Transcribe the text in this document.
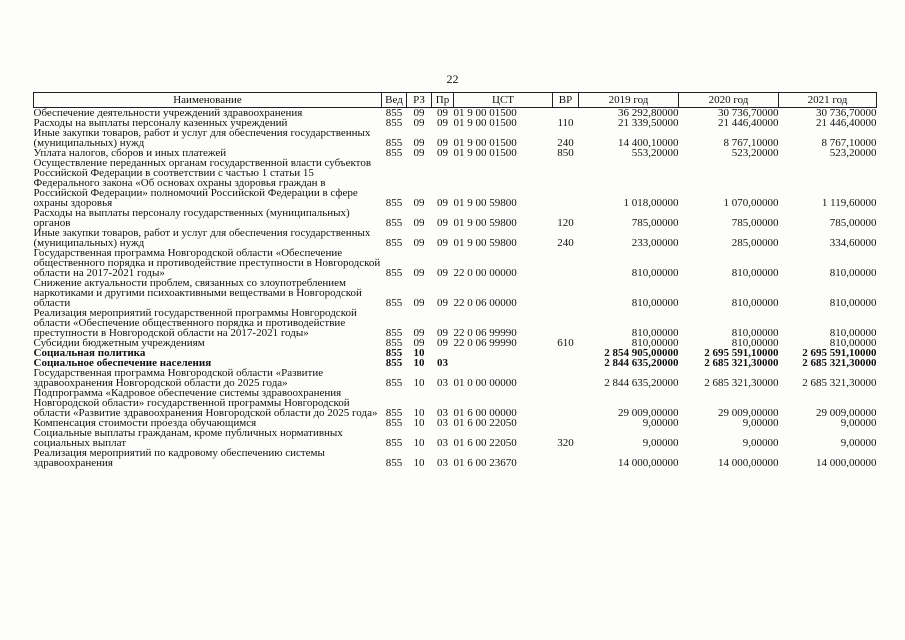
22
Наименование	Вед	РЗ	Пр	ЦСТ	ВР	2019 год	2020 год	2021 год
Обеспечение деятельности учреждений здравоохранения	855	09	09	01 9 00 01500		36 292,80000	30 736,70000	30 736,70000
Расходы на выплаты персоналу казенных учреждений	855	09	09	01 9 00 01500	110	21 339,50000	21 446,40000	21 446,40000
Иные закупки товаров, работ и услуг для обеспечения государственных (муниципальных) нужд	855	09	09	01 9 00 01500	240	14 400,10000	8 767,10000	8 767,10000
Уплата налогов, сборов и иных платежей	855	09	09	01 9 00 01500	850	553,20000	523,20000	523,20000
Осуществление переданных органам государственной власти субъектов Российской Федерации в соответствии с частью 1 статьи 15 Федерального закона «Об основах охраны здоровья граждан в Российской Федерации» полномочий Российской Федерации в сфере охраны здоровья	855	09	09	01 9 00 59800		1 018,00000	1 070,00000	1 119,60000
Расходы на выплаты персоналу государственных (муниципальных) органов	855	09	09	01 9 00 59800	120	785,00000	785,00000	785,00000
Иные закупки товаров, работ и услуг для обеспечения государственных (муниципальных) нужд	855	09	09	01 9 00 59800	240	233,00000	285,00000	334,60000
Государственная программа Новгородской области «Обеспечение общественного порядка и противодействие преступности в Новгородской области на 2017-2021 годы»	855	09	09	22 0 00 00000		810,00000	810,00000	810,00000
Снижение актуальности проблем, связанных со злоупотреблением наркотиками и другими психоактивными веществами в Новгородской области	855	09	09	22 0 06 00000		810,00000	810,00000	810,00000
Реализация мероприятий государственной программы Новгородской области «Обеспечение общественного порядка и противодействие преступности в Новгородской области на 2017-2021 годы»	855	09	09	22 0 06 99990		810,00000	810,00000	810,00000
Субсидии бюджетным учреждениям	855	09	09	22 0 06 99990	610	810,00000	810,00000	810,00000
Социальная политика	855	10				2 854 905,00000	2 695 591,10000	2 695 591,10000
Социальное обеспечение населения	855	10	03			2 844 635,20000	2 685 321,30000	2 685 321,30000
Государственная программа Новгородской области «Развитие здравоохранения Новгородской области до 2025 года»	855	10	03	01 0 00 00000		2 844 635,20000	2 685 321,30000	2 685 321,30000
Подпрограмма «Кадровое обеспечение системы здравоохранения Новгородской области» государственной программы Новгородской области «Развитие здравоохранения Новгородской области до 2025 года»	855	10	03	01 6 00 00000		29 009,00000	29 009,00000	29 009,00000
Компенсация стоимости проезда обучающимся	855	10	03	01 6 00 22050		9,00000	9,00000	9,00000
Социальные выплаты гражданам, кроме публичных нормативных социальных выплат	855	10	03	01 6 00 22050	320	9,00000	9,00000	9,00000
Реализация мероприятий по кадровому обеспечению системы здравоохранения	855	10	03	01 6 00 23670		14 000,00000	14 000,00000	14 000,00000
